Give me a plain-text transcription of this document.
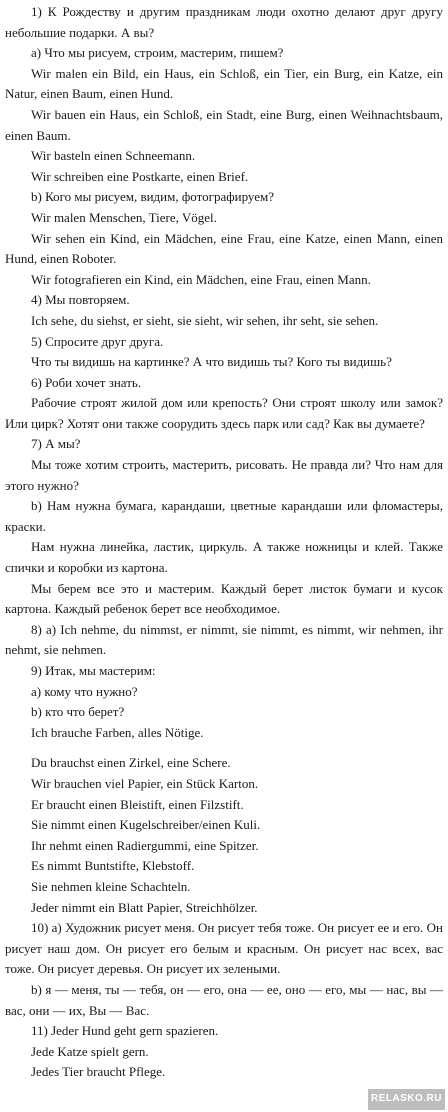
1) К Рождеству и другим праздникам люди охотно делают друг другу небольшие подарки. А вы?

а) Что мы рисуем, строим, мастерим, пишем?

Wir malen ein Bild, ein Haus, ein Schloß, ein Tier, ein Burg, ein Katze, ein Natur, einen Baum, einen Hund.

Wir bauen ein Haus, ein Schloß, ein Stadt, eine Burg, einen Weihnachtsbaum, einen Baum.

Wir basteln einen Schneemann.

Wir schreiben eine Postkarte, einen Brief.

b) Кого мы рисуем, видим, фотографируем?

Wir malen Menschen, Tiere, Vögel.

Wir sehen ein Kind, ein Mädchen, eine Frau, eine Katze, einen Mann, einen Hund, einen Roboter.

Wir fotografieren ein Kind, ein Mädchen, eine Frau, einen Mann.

4) Мы повторяем.

Ich sehe, du siehst, er sieht, sie sieht, wir sehen, ihr seht, sie sehen.

5) Спросите друг друга.

Что ты видишь на картинке? А что видишь ты? Кого ты видишь?

6) Роби хочет знать.

Рабочие строят жилой дом или крепость? Они строят школу или замок? Или цирк? Хотят они также соорудить здесь парк или сад? Как вы думаете?

7) А мы?

Мы тоже хотим строить, мастерить, рисовать. Не правда ли? Что нам для этого нужно?

b) Нам нужна бумага, карандаши, цветные карандаши или фломастеры, краски.

Нам нужна линейка, ластик, циркуль. А также ножницы и клей. Также спички и коробки из картона.

Мы берем все это и мастерим. Каждый берет листок бумаги и кусок картона. Каждый ребенок берет все необходимое.

8) а) Ich nehme, du nimmst, er nimmt, sie nimmt, es nimmt, wir nehmen, ihr nehmt, sie nehmen.

9) Итак, мы мастерим:

а) кому что нужно?

b) кто что берет?

Ich brauche Farben, alles Nötige.

Du brauchst einen Zirkel, eine Schere.

Wir brauchen viel Papier, ein Stück Karton.

Er braucht einen Bleistift, einen Filzstift.

Sie nimmt einen Kugelschreiber/einen Kuli.

Ihr nehmt einen Radiergummi, eine Spitzer.

Es nimmt Buntstifte, Klebstoff.

Sie nehmen kleine Schachteln.

Jeder nimmt ein Blatt Papier, Streichhölzer.

10) а) Художник рисует меня. Он рисует тебя тоже. Он рисует ее и его. Он рисует наш дом. Он рисует его белым и красным. Он рисует нас всех, вас тоже. Он рисует деревья. Он рисует их зелеными.

b) я — меня, ты — тебя, он — его, она — ее, оно — его, мы — нас, вы — вас, они — их, Вы — Вас.

11) Jeder Hund geht gern spazieren.

Jede Katze spielt gern.

Jedes Tier braucht Pflege.

RELASKO.RU
